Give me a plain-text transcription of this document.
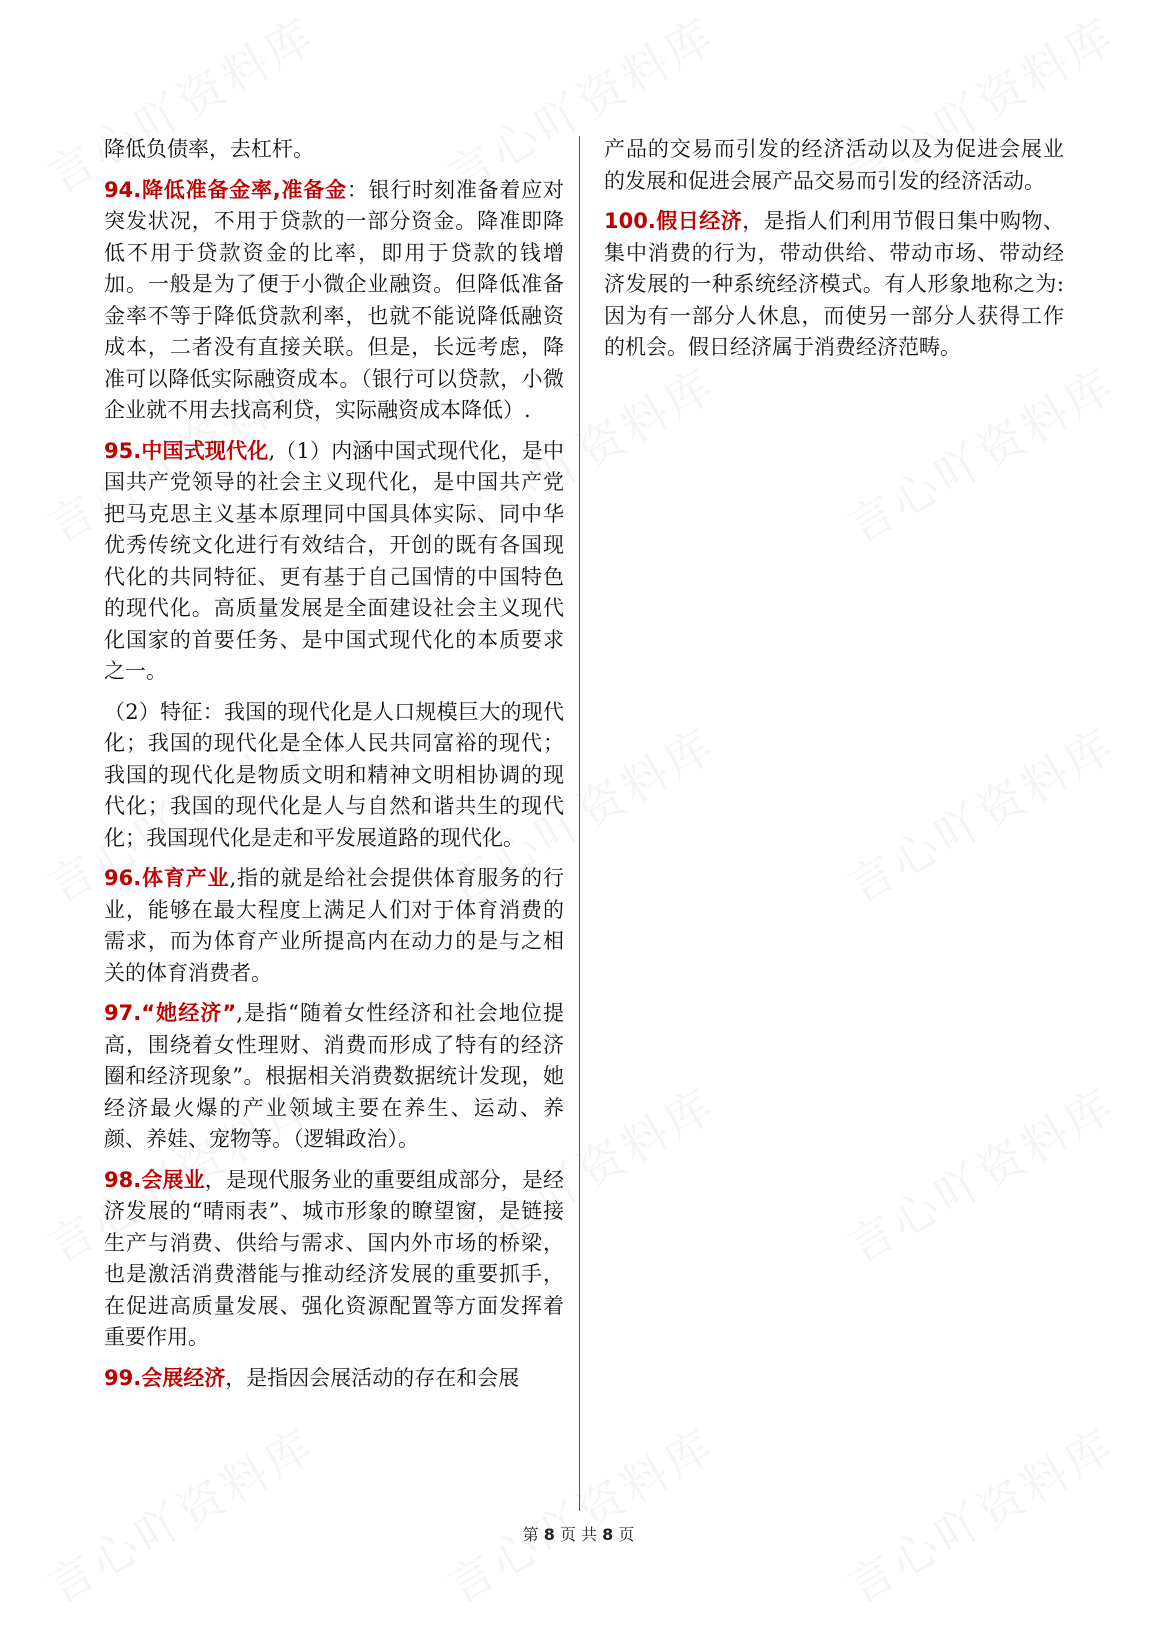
降低负债率，去杠杆。

94.降低准备金率,准备金：银行时刻准备着应对突发状况，不用于贷款的一部分资金。降准即降低不用于贷款资金的比率，即用于贷款的钱增加。一般是为了便于小微企业融资。但降低准备金率不等于降低贷款利率，也就不能说降低融资成本，二者没有直接关联。但是，长远考虑，降准可以降低实际融资成本。（银行可以贷款，小微企业就不用去找高利贷，实际融资成本降低）.

95.中国式现代化,（1）内涵中国式现代化，是中国共产党领导的社会主义现代化，是中国共产党把马克思主义基本原理同中国具体实际、同中华优秀传统文化进行有效结合，开创的既有各国现代化的共同特征、更有基于自己国情的中国特色的现代化。高质量发展是全面建设社会主义现代化国家的首要任务、是中国式现代化的本质要求之一。

（2）特征：我国的现代化是人口规模巨大的现代化；我国的现代化是全体人民共同富裕的现代；我国的现代化是物质文明和精神文明相协调的现代化；我国的现代化是人与自然和谐共生的现代化；我国现代化是走和平发展道路的现代化。

96.体育产业,指的就是给社会提供体育服务的行业，能够在最大程度上满足人们对于体育消费的需求，而为体育产业所提高内在动力的是与之相关的体育消费者。

97.“她经济”,是指“随着女性经济和社会地位提高，围绕着女性理财、消费而形成了特有的经济圈和经济现象”。根据相关消费数据统计发现，她经济最火爆的产业领域主要在养生、运动、养颜、养娃、宠物等。（逻辑政治）。

98.会展业，是现代服务业的重要组成部分，是经济发展的“晴雨表”、城市形象的瞭望窗，是链接生产与消费、供给与需求、国内外市场的桥梁，也是激活消费潜能与推动经济发展的重要抓手，在促进高质量发展、强化资源配置等方面发挥着重要作用。

99.会展经济，是指因会展活动的存在和会展

产品的交易而引发的经济活动以及为促进会展业的发展和促进会展产品交易而引发的经济活动。

100.假日经济，是指人们利用节假日集中购物、集中消费的行为，带动供给、带动市场、带动经济发展的一种系统经济模式。有人形象地称之为:因为有一部分人休息，而使另一部分人获得工作的机会。假日经济属于消费经济范畴。

第 8 页 共 8 页
